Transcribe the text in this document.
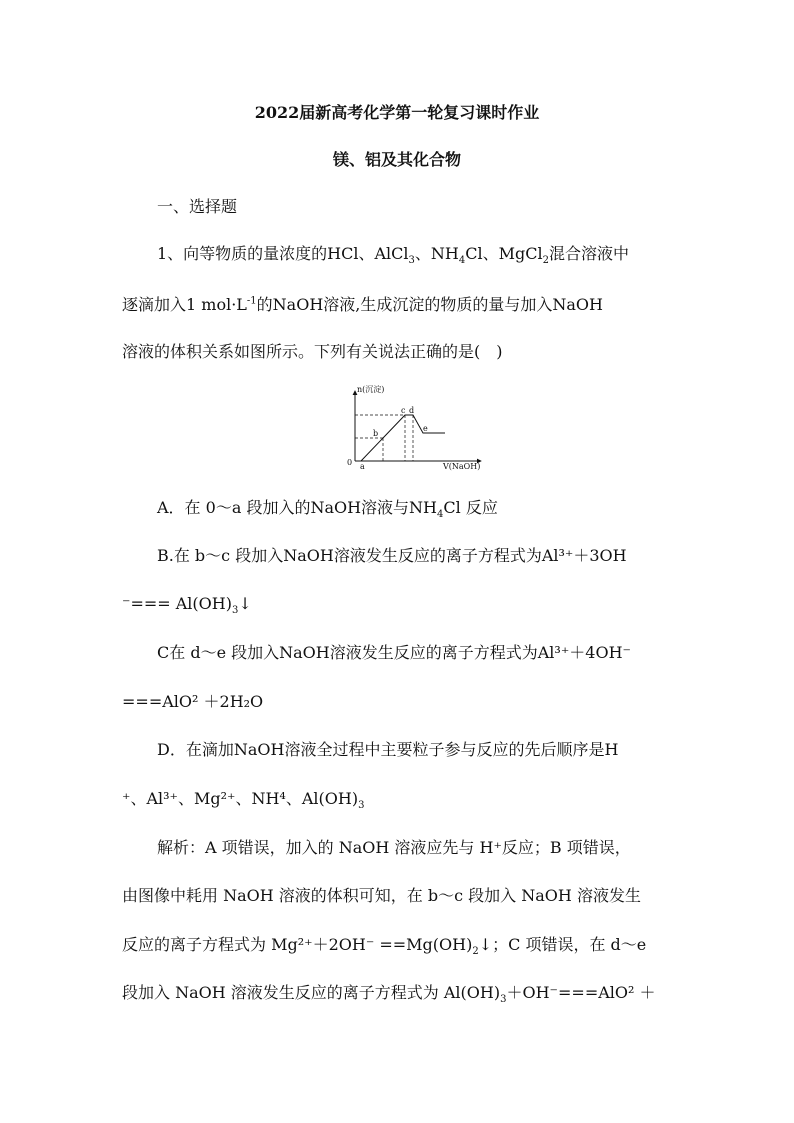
2022届新高考化学第一轮复习课时作业
镁、铝及其化合物
一、选择题
1、向等物质的量浓度的HCl、AlCl$_3$、$NH_4Cl$、MgCl$_2$混合溶液中
逐滴加入1 $mol\cdot L^{-1}$的NaOH溶液,生成沉淀的物质的量与加入NaOH
溶液的体积关系如图所示。下列有关说法正确的是(　)
n(沉淀)
V(NaOH)
0 a
b
c d
e
A．在 0～a 段加入的NaOH溶液与$NH_4Cl$ 反应
B.在 b～c 段加入NaOH溶液发生反应的离子方程式为Al³⁺＋3OH
⁻=== $Al(OH)_3↓$
C在 d～e 段加入NaOH溶液发生反应的离子方程式为Al³⁺＋4OH⁻
===AlO² ＋2H₂O
D．在滴加NaOH溶液全过程中主要粒子参与反应的先后顺序是H
⁺、Al³⁺、Mg²⁺、NH⁴、$Al(OH)_3$
解析：A 项错误，加入的 NaOH 溶液应先与 H⁺反应；B 项错误，
由图像中耗用 NaOH 溶液的体积可知，在 b～c 段加入 NaOH 溶液发生
反应的离子方程式为 $Mg^{2+}+2OH^- ==Mg(OH)_2↓$；C 项错误，在 d～e
段加入 NaOH 溶液发生反应的离子方程式为 $Al(OH)_3+OH^-===AlO^2$ ＋
